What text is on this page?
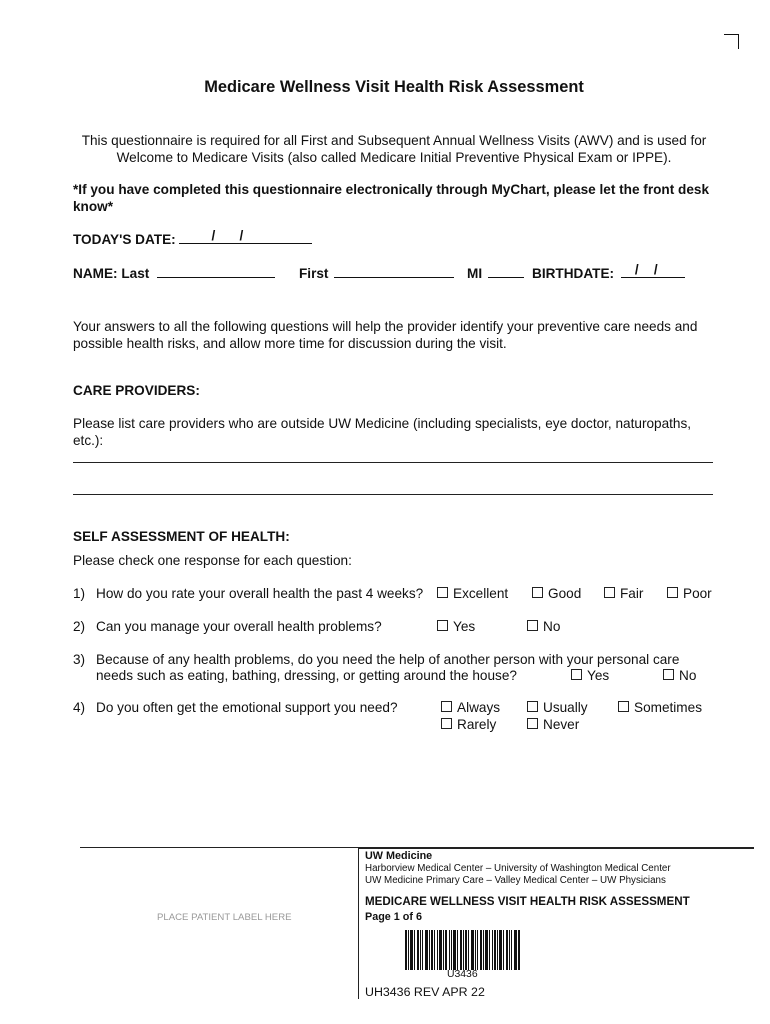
Medicare Wellness Visit Health Risk Assessment
This questionnaire is required for all First and Subsequent Annual Wellness Visits (AWV) and is used for Welcome to Medicare Visits (also called Medicare Initial Preventive Physical Exam or IPPE).
*If you have completed this questionnaire electronically through MyChart, please let the front desk know*
TODAY'S DATE:	/ /
NAME: Last	First	MI	BIRTHDATE: / /
Your answers to all the following questions will help the provider identify your preventive care needs and possible health risks, and allow more time for discussion during the visit.
CARE PROVIDERS:
Please list care providers who are outside UW Medicine (including specialists, eye doctor, naturopaths, etc.):
SELF ASSESSMENT OF HEALTH:
Please check one response for each question:
1) How do you rate your overall health the past 4 weeks?	Excellent	Good	Fair	Poor
2) Can you manage your overall health problems?	Yes	No
3) Because of any health problems, do you need the help of another person with your personal care
needs such as eating, bathing, dressing, or getting around the house?	Yes	No
4) Do you often get the emotional support you need?	Always	Usually	Sometimes
Rarely	Never
PLACE PATIENT LABEL HERE
UW Medicine
Harborview Medical Center – University of Washington Medical Center
UW Medicine Primary Care – Valley Medical Center – UW Physicians
MEDICARE WELLNESS VISIT HEALTH RISK ASSESSMENT
Page 1 of 6
U3436
UH3436 REV APR 22
